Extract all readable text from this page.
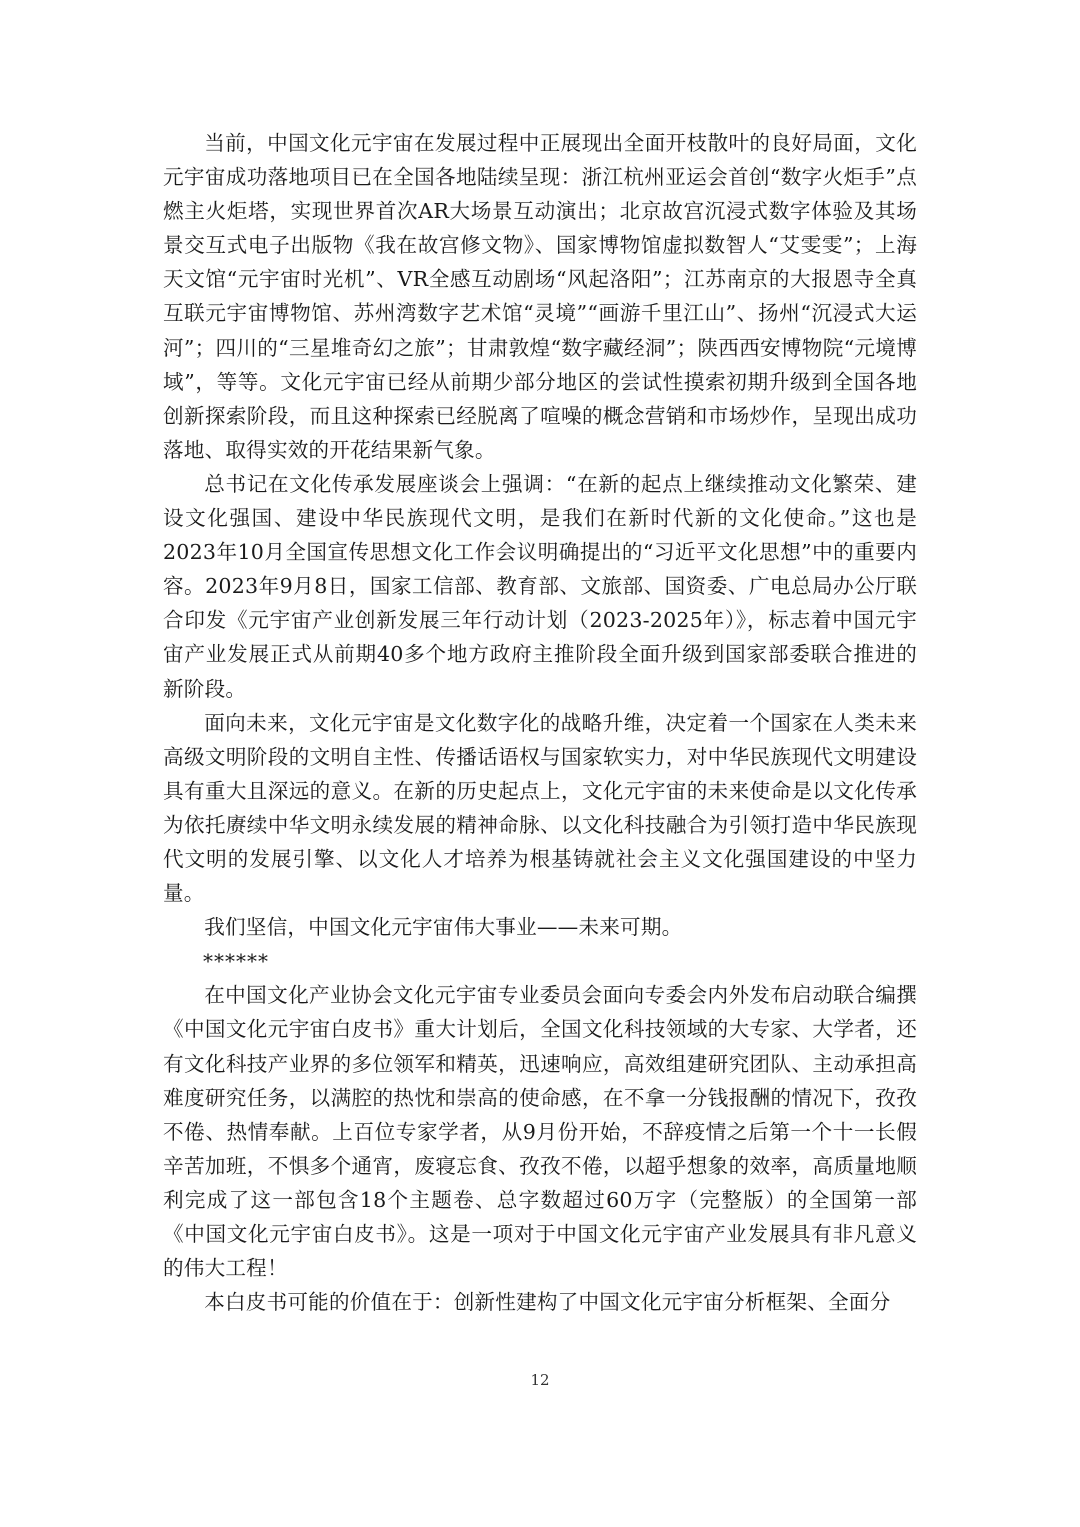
当前，中国文化元宇宙在发展过程中正展现出全面开枝散叶的良好局面，文化元宇宙成功落地项目已在全国各地陆续呈现：浙江杭州亚运会首创“数字火炬手”点燃主火炬塔，实现世界首次AR大场景互动演出；北京故宫沉浸式数字体验及其场景交互式电子出版物《我在故宫修文物》、国家博物馆虚拟数智人“艾雯雯”；上海天文馆“元宇宙时光机”、VR全感互动剧场“风起洛阳”；江苏南京的大报恩寺全真互联元宇宙博物馆、苏州湾数字艺术馆“灵境”“画游千里江山”、扬州“沉浸式大运河”；四川的“三星堆奇幻之旅”；甘肃敦煌“数字藏经洞”；陕西西安博物院“元境博域”，等等。文化元宇宙已经从前期少部分地区的尝试性摸索初期升级到全国各地创新探索阶段，而且这种探索已经脱离了喧噪的概念营销和市场炒作，呈现出成功落地、取得实效的开花结果新气象。

总书记在文化传承发展座谈会上强调：“在新的起点上继续推动文化繁荣、建设文化强国、建设中华民族现代文明，是我们在新时代新的文化使命。”这也是2023年10月全国宣传思想文化工作会议明确提出的“习近平文化思想”中的重要内容。2023年9月8日，国家工信部、教育部、文旅部、国资委、广电总局办公厅联合印发《元宇宙产业创新发展三年行动计划（2023-2025年）》，标志着中国元宇宙产业发展正式从前期40多个地方政府主推阶段全面升级到国家部委联合推进的新阶段。

面向未来，文化元宇宙是文化数字化的战略升维，决定着一个国家在人类未来高级文明阶段的文明自主性、传播话语权与国家软实力，对中华民族现代文明建设具有重大且深远的意义。在新的历史起点上，文化元宇宙的未来使命是以文化传承为依托赓续中华文明永续发展的精神命脉、以文化科技融合为引领打造中华民族现代文明的发展引擎、以文化人才培养为根基铸就社会主义文化强国建设的中坚力量。

我们坚信，中国文化元宇宙伟大事业——未来可期。

******

在中国文化产业协会文化元宇宙专业委员会面向专委会内外发布启动联合编撰《中国文化元宇宙白皮书》重大计划后，全国文化科技领域的大专家、大学者，还有文化科技产业界的多位领军和精英，迅速响应，高效组建研究团队、主动承担高难度研究任务，以满腔的热忱和崇高的使命感，在不拿一分钱报酬的情况下，孜孜不倦、热情奉献。上百位专家学者，从9月份开始，不辞疫情之后第一个十一长假辛苦加班，不惧多个通宵，废寝忘食、孜孜不倦，以超乎想象的效率，高质量地顺利完成了这一部包含18个主题卷、总字数超过60万字（完整版）的全国第一部《中国文化元宇宙白皮书》。这是一项对于中国文化元宇宙产业发展具有非凡意义的伟大工程！

本白皮书可能的价值在于：创新性建构了中国文化元宇宙分析框架、全面分

12
